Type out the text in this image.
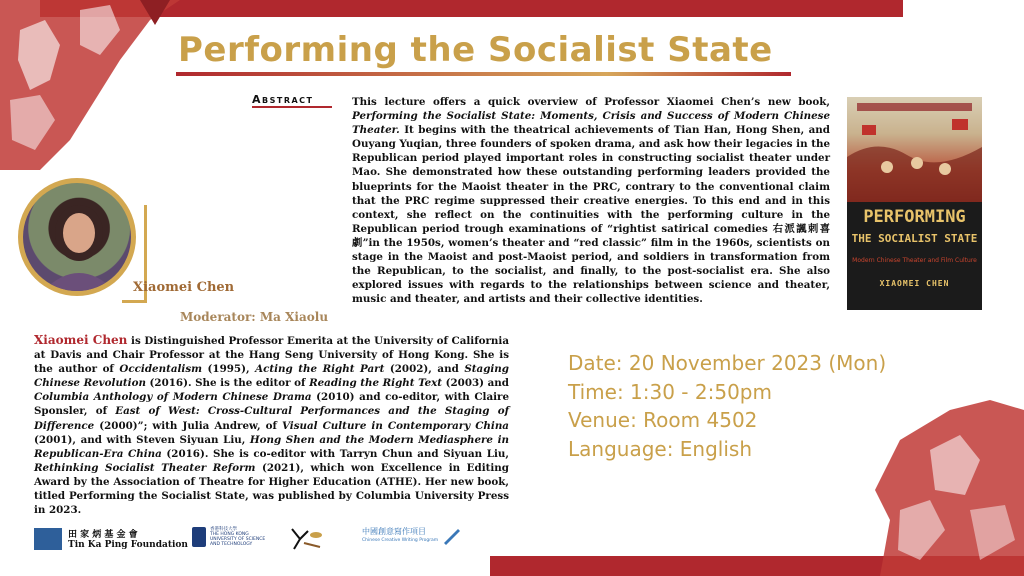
Performing the Socialist State
Abstract	This lecture offers a quick overview of Professor Xiaomei Chen’s new book, Performing the Socialist State: Moments, Crisis and Success of Modern Chinese Theater. It begins with the theatrical achievements of Tian Han, Hong Shen, and Ouyang Yuqian, three founders of spoken drama, and ask how their legacies in the Republican period played important roles in constructing socialist theater under Mao. She demonstrated how these outstanding performing leaders provided the blueprints for the Maoist theater in the PRC, contrary to the conventional claim that the PRC regime suppressed their creative energies. To this end and in this context, she reflect on the continuities with the performing culture in the Republican period trough examinations of “rightist satirical comedies 右派諷刺喜劇”in the 1950s, women’s theater and “red classic” film in the 1960s, scientists on stage in the Maoist and post-Maoist period, and soldiers in transformation from the Republican, to the socialist, and finally, to the post-socialist era. She also explored issues with regards to the relationships between science and theater, music and theater, and artists and their collective identities.
PERFORMING
THE SOCIALIST STATE
Modern Chinese Theater and Film Culture
XIAOMEI CHEN
Xiaomei Chen
Moderator: Ma Xiaolu
Xiaomei Chen is Distinguished Professor Emerita at the University of California at Davis and Chair Professor at the Hang Seng University of Hong Kong. She is the author of Occidentalism (1995), Acting the Right Part (2002), and Staging Chinese Revolution (2016). She is the editor of Reading the Right Text (2003) and Columbia Anthology of Modern Chinese Drama (2010) and co-editor, with Claire Sponsler, of East of West: Cross-Cultural Performances and the Staging of Difference (2000)”; with Julia Andrew, of Visual Culture in Contemporary China (2001), and with Steven Siyuan Liu, Hong Shen and the Modern Mediasphere in Republican-Era China (2016). She is co-editor with Tarryn Chun and Siyuan Liu, Rethinking Socialist Theater Reform (2021), which won Excellence in Editing Award by the Association of Theatre for Higher Education (ATHE). Her new book, titled Performing the Socialist State, was published by Columbia University Press in 2023.
Date: 20 November 2023 (Mon)
Time: 1:30 - 2:50pm
Venue: Room 4502
Language: English
田 家 炳 基 金 會
Tin Ka Ping Foundation
香港科技大學
THE HONG KONG
UNIVERSITY OF SCIENCE
AND TECHNOLOGY
中國創意寫作項目
Chinese Creative Writing Program
